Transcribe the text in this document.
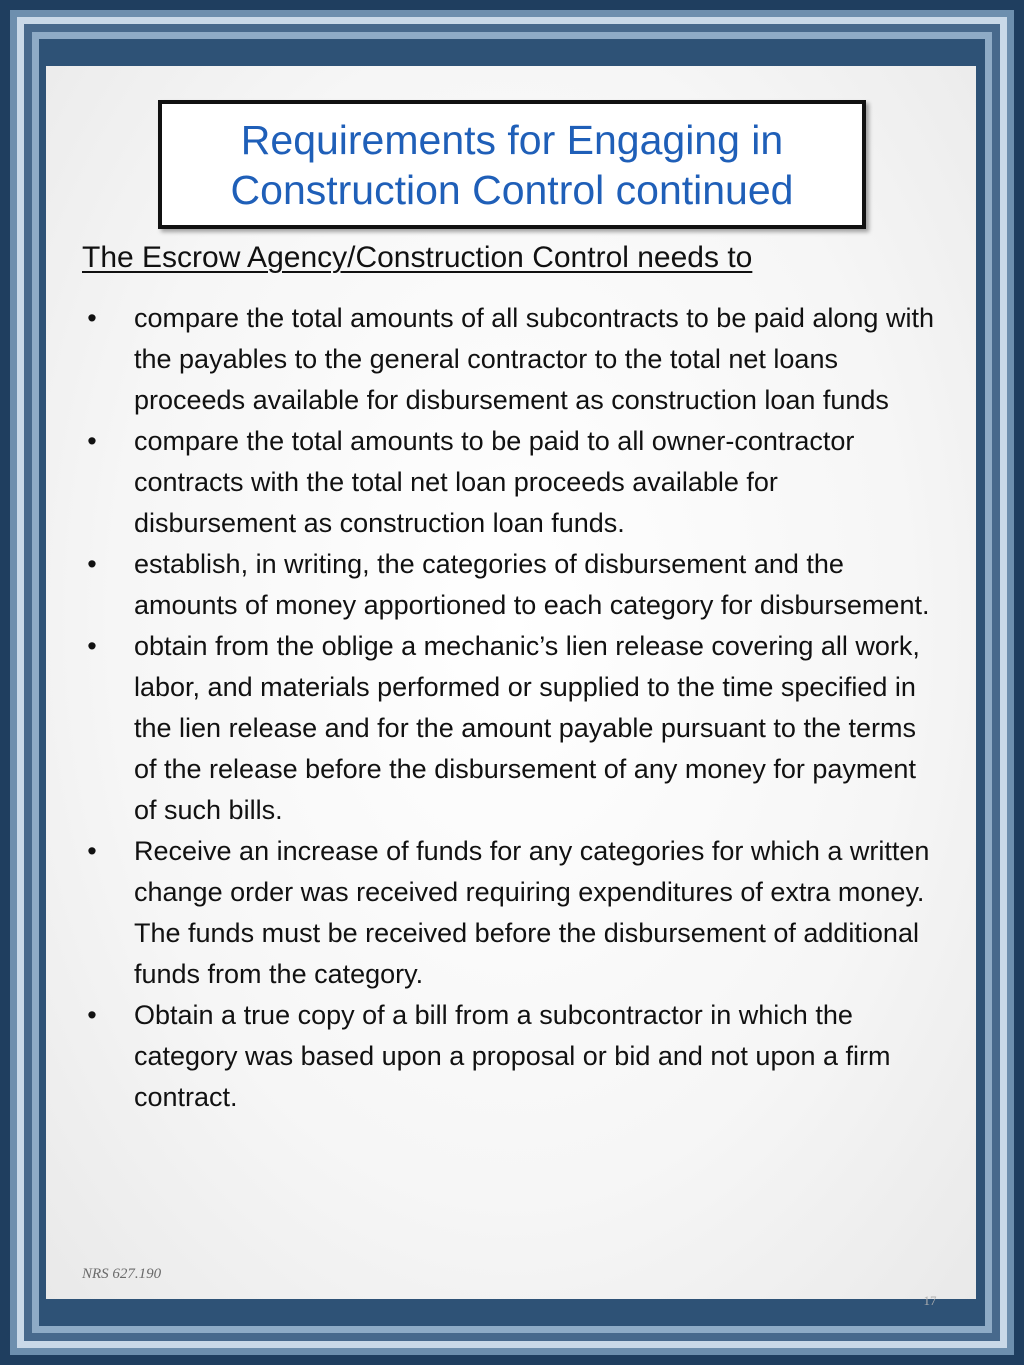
Requirements for Engaging in
Construction Control continued

The Escrow Agency/Construction Control needs to

• compare the total amounts of all subcontracts to be paid along with the payables to the general contractor to the total net loans proceeds available for disbursement as construction loan funds
• compare the total amounts to be paid to all owner-contractor contracts with the total net loan proceeds available for disbursement as construction loan funds.
• establish, in writing, the categories of disbursement and the amounts of money apportioned to each category for disbursement.
• obtain from the oblige a mechanic’s lien release covering all work, labor, and materials performed or supplied to the time specified in the lien release and for the amount payable pursuant to the terms of the release before the disbursement of any money for payment of such bills.
• Receive an increase of funds for any categories for which a written change order was received requiring expenditures of extra money. The funds must be received before the disbursement of additional funds from the category.
• Obtain a true copy of a bill from a subcontractor in which the category was based upon a proposal or bid and not upon a firm contract.

NRS 627.190

17
